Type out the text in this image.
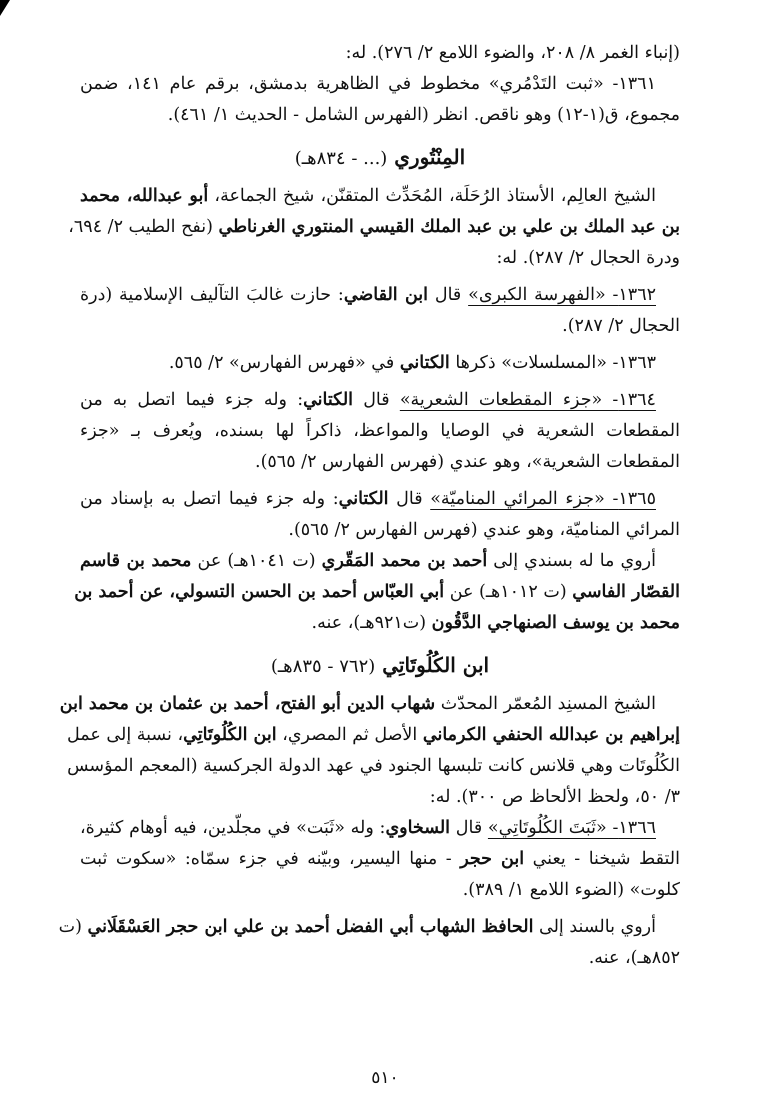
(إنباء الغمر ٨/ ٢٠٨، والضوء اللامع ٢/ ٢٧٦). له:
١٣٦١- «ثبت التَدْمُري» مخطوط في الظاهرية بدمشق، برقم عام ١٤١، ضمن
مجموع، ق(١-١٢) وهو ناقص. انظر (الفهرس الشامل - الحديث ١/ ٤٦١).
المِنْتُوري (... - ٨٣٤هـ)
الشيخ العالِم، الأستاذ الرُحَلَة، المُحَدِّث المتقنّن، شيخ الجماعة، أبو عبدالله، محمد
بن عبد الملك بن علي بن عبد الملك القيسي المنتوري الغرناطي (نفح الطيب ٢/ ٦٩٤،
ودرة الحجال ٢/ ٢٨٧). له:
١٣٦٢- «الفهرسة الكبرى» قال ابن القاضي: حازت غالبَ التآليف الإسلامية (درة
الحجال ٢/ ٢٨٧).
١٣٦٣- «المسلسلات» ذكرها الكتاني في «فهرس الفهارس» ٢/ ٥٦٥.
١٣٦٤- «جزء المقطعات الشعرية» قال الكتاني: وله جزء فيما اتصل به من
المقطعات الشعرية في الوصايا والمواعظ، ذاكراً لها بسنده، ويُعرف بـ «جزء
المقطعات الشعرية»، وهو عندي (فهرس الفهارس ٢/ ٥٦٥).
١٣٦٥- «جزء المرائي المناميّة» قال الكتاني: وله جزء فيما اتصل به بإسناد من
المرائي المناميّة، وهو عندي (فهرس الفهارس ٢/ ٥٦٥).
أروي ما له بسندي إلى أحمد بن محمد المَقّري (ت ١٠٤١هـ) عن محمد بن قاسم
القصّار الفاسي (ت ١٠١٢هـ) عن أبي العبّاس أحمد بن الحسن التسولي، عن أحمد بن
محمد بن يوسف الصنهاجي الدَّقُون (ت٩٢١هـ)، عنه.
ابن الكُلُوتَاتِي (٧٦٢ - ٨٣٥هـ)
الشيخ المسنِد المُعمّر المحدّث شهاب الدين أبو الفتح، أحمد بن عثمان بن محمد ابن
إبراهيم بن عبدالله الحنفي الكرماني الأصل ثم المصري، ابن الكُلُوتَاتِي، نسبة إلى عمل
الكُلُوتَات وهي قلانس كانت تلبسها الجنود في عهد الدولة الجركسية (المعجم المؤسس
٣/ ٥٠، ولحظ الألحاظ ص ٣٠٠). له:
١٣٦٦- «ثَبَتَ الكُلُوتَاتِي» قال السخاوي: وله «ثَبَت» في مجلّدين، فيه أوهام كثيرة،
التقط شيخنا - يعني ابن حجر - منها اليسير، وبيّنه في جزء سمّاه: «سكوت ثبت
كلوت» (الضوء اللامع ١/ ٣٨٩).
أروي بالسند إلى الحافظ الشهاب أبي الفضل أحمد بن علي ابن حجر العَسْقَلَاني (ت
٨٥٢هـ)، عنه.
٥١٠
